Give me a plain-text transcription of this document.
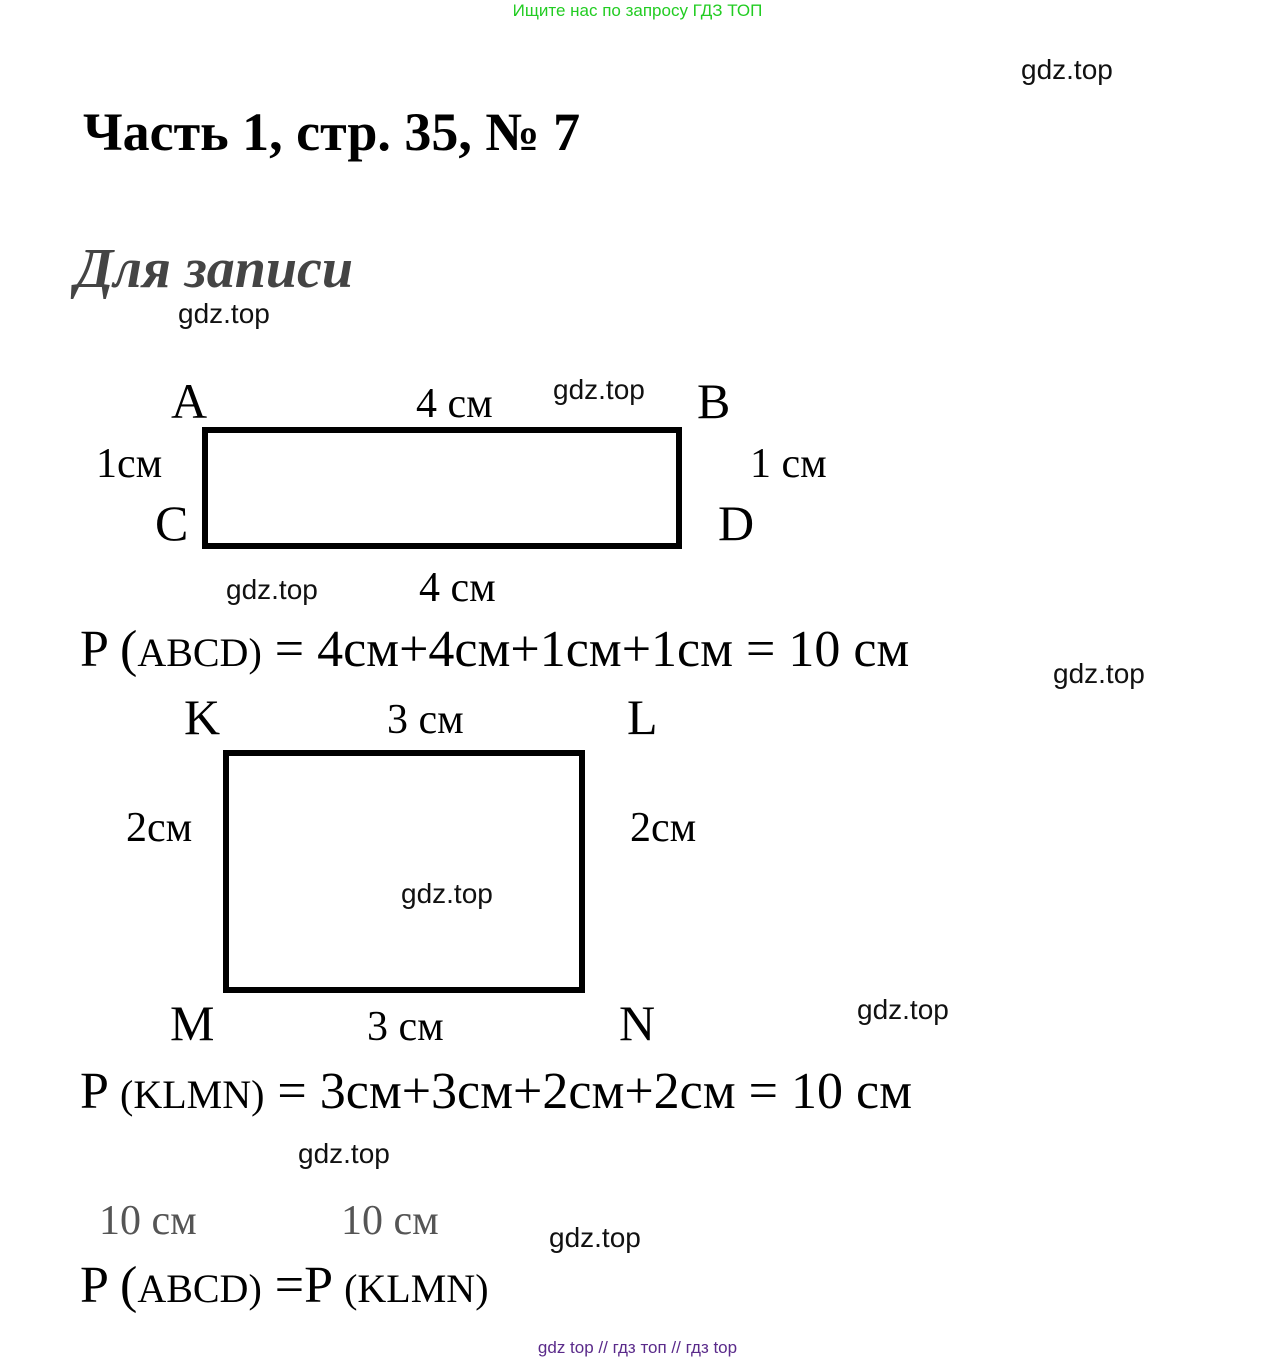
Ищите нас по запросу ГДЗ ТОП
gdz.top
gdz.top
gdz.top
gdz.top
gdz.top
gdz.top
gdz.top
gdz.top
gdz.top
Часть 1, стр. 35, № 7
Для записи
A	B
C	D
4 см
4 см
1см	1 см
P (ABCD) = 4см+4см+1см+1см = 10 см
K	L
M	N
3 см
3 см
2см	2см
P (KLMN) = 3см+3см+2см+2см = 10 см
10 см	10 см
P (ABCD) =P (KLMN)
gdz top // гдз топ // гдз top
